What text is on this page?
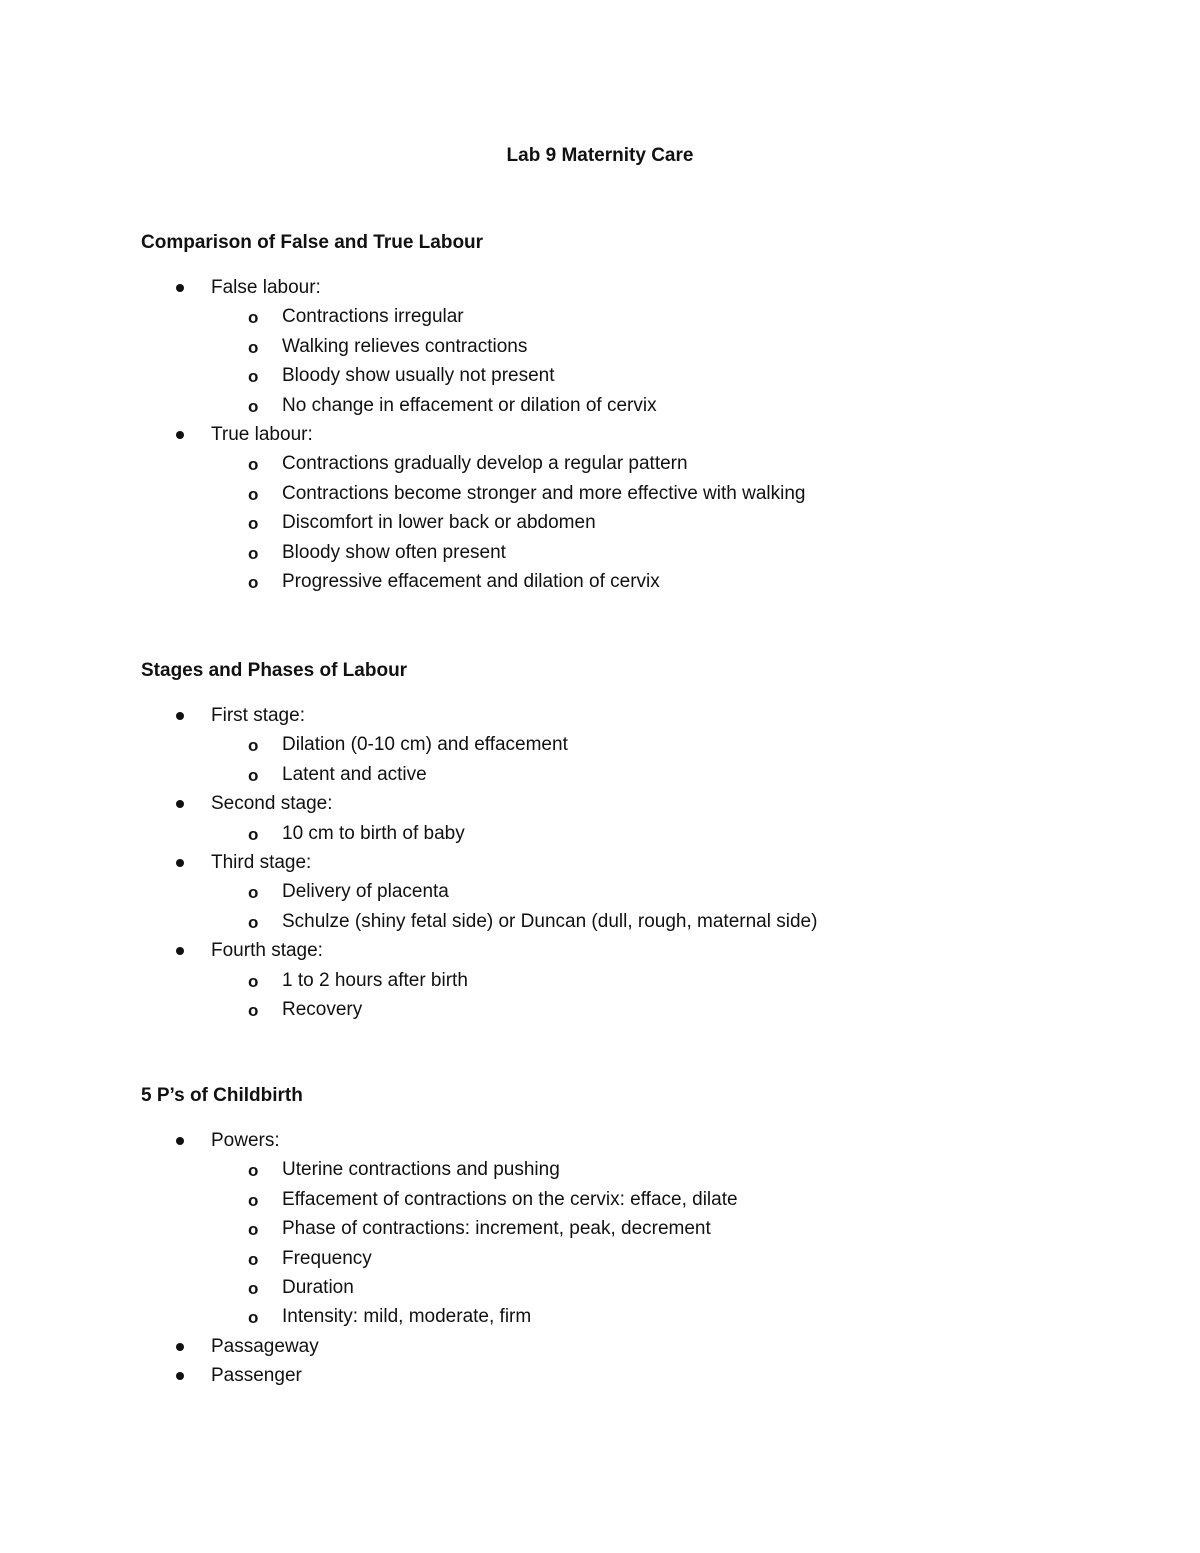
Lab 9 Maternity Care
Comparison of False and True Labour
False labour:
o Contractions irregular
o Walking relieves contractions
o Bloody show usually not present
o No change in effacement or dilation of cervix
True labour:
o Contractions gradually develop a regular pattern
o Contractions become stronger and more effective with walking
o Discomfort in lower back or abdomen
o Bloody show often present
o Progressive effacement and dilation of cervix
Stages and Phases of Labour
First stage:
o Dilation (0-10 cm) and effacement
o Latent and active
Second stage:
o 10 cm to birth of baby
Third stage:
o Delivery of placenta
o Schulze (shiny fetal side) or Duncan (dull, rough, maternal side)
Fourth stage:
o 1 to 2 hours after birth
o Recovery
5 P’s of Childbirth
Powers:
o Uterine contractions and pushing
o Effacement of contractions on the cervix: efface, dilate
o Phase of contractions: increment, peak, decrement
o Frequency
o Duration
o Intensity: mild, moderate, firm
Passageway
Passenger
